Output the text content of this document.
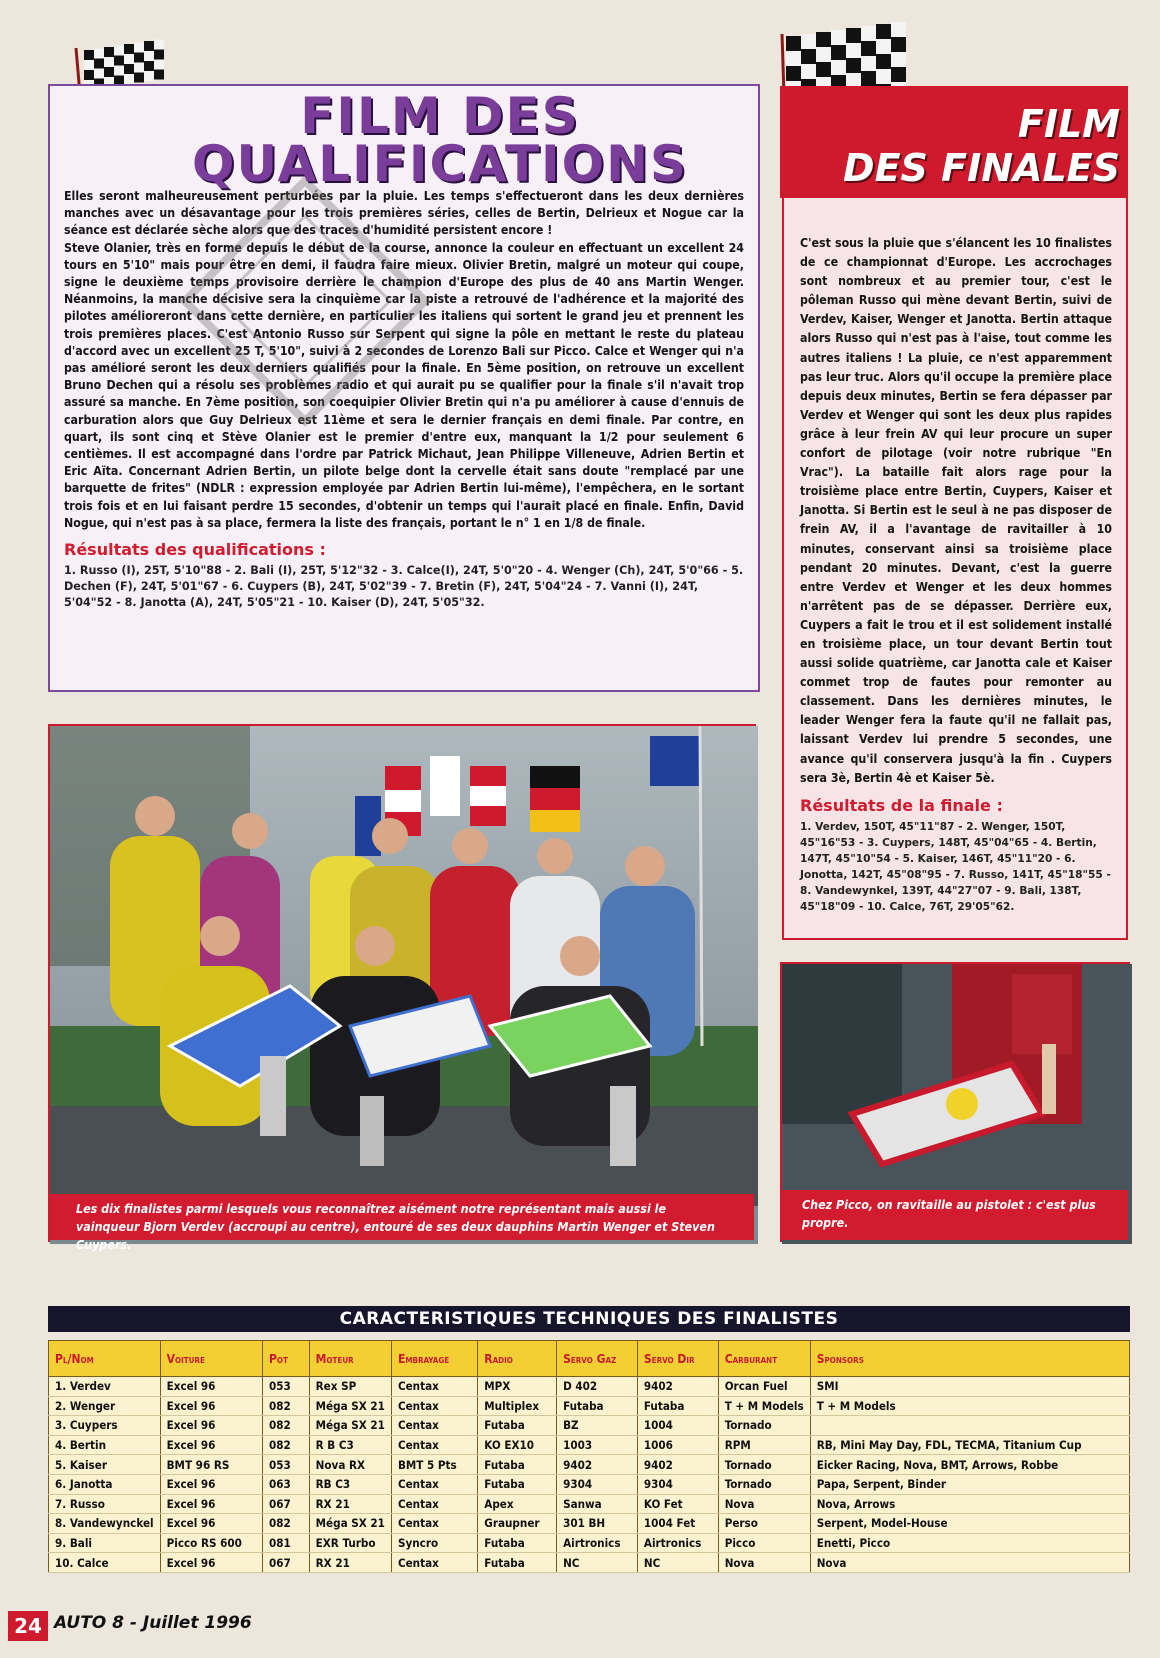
FILM DES
QUALIFICATIONS

Elles seront malheureusement perturbées par la pluie. Les temps s'effectueront dans les deux dernières manches avec un désavantage pour les trois premières séries, celles de Bertin, Delrieux et Nogue car la séance est déclarée sèche alors que des traces d'humidité persistent encore !

Steve Olanier, très en forme depuis le début de la course, annonce la couleur en effectuant un excellent 24 tours en 5'10" mais pour être en demi, il faudra faire mieux. Olivier Bretin, malgré un moteur qui coupe, signe le deuxième temps provisoire derrière le champion d'Europe des plus de 40 ans Martin Wenger. Néanmoins, la manche décisive sera la cinquième car la piste a retrouvé de l'adhérence et la majorité des pilotes amélioreront dans cette dernière, en particulier les italiens qui sortent le grand jeu et prennent les trois premières places. C'est Antonio Russo sur Serpent qui signe la pôle en mettant le reste du plateau d'accord avec un excellent 25 T, 5'10", suivi à 2 secondes de Lorenzo Bali sur Picco. Calce et Wenger qui n'a pas amélioré seront les deux derniers qualifiés pour la finale. En 5ème position, on retrouve un excellent Bruno Dechen qui a résolu ses problèmes radio et qui aurait pu se qualifier pour la finale s'il n'avait trop assuré sa manche. En 7ème position, son coequipier Olivier Bretin qui n'a pu améliorer à cause d'ennuis de carburation alors que Guy Delrieux est 11ème et sera le dernier français en demi finale. Par contre, en quart, ils sont cinq et Stève Olanier est le premier d'entre eux, manquant la 1/2 pour seulement 6 centièmes. Il est accompagné dans l'ordre par Patrick Michaut, Jean Philippe Villeneuve, Adrien Bertin et Eric Aïta. Concernant Adrien Bertin, un pilote belge dont la cervelle était sans doute "remplacé par une barquette de frites" (NDLR : expression employée par Adrien Bertin lui-même), l'empêchera, en le sortant trois fois et en lui faisant perdre 15 secondes, d'obtenir un temps qui l'aurait placé en finale. Enfin, David Nogue, qui n'est pas à sa place, fermera la liste des français, portant le n° 1 en 1/8 de finale.

Résultats des qualifications :
1. Russo (I), 25T, 5'10"88 - 2. Bali (I), 25T, 5'12"32 - 3. Calce(I), 24T, 5'0"20 - 4. Wenger (Ch), 24T, 5'0"66 - 5. Dechen (F), 24T, 5'01"67 - 6. Cuypers (B), 24T, 5'02"39 - 7. Bretin (F), 24T, 5'04"24 - 7. Vanni (I), 24T, 5'04"52 - 8. Janotta (A), 24T, 5'05"21 - 10. Kaiser (D), 24T, 5'05"32.
FILM
DES FINALES
C'est sous la pluie que s'élancent les 10 finalistes de ce championnat d'Europe. Les accrochages sont nombreux et au premier tour, c'est le pôleman Russo qui mène devant Bertin, suivi de Verdev, Kaiser, Wenger et Janotta. Bertin attaque alors Russo qui n'est pas à l'aise, tout comme les autres italiens ! La pluie, ce n'est apparemment pas leur truc. Alors qu'il occupe la première place depuis deux minutes, Bertin se fera dépasser par Verdev et Wenger qui sont les deux plus rapides grâce à leur frein AV qui leur procure un super confort de pilotage (voir notre rubrique "En Vrac"). La bataille fait alors rage pour la troisième place entre Bertin, Cuypers, Kaiser et Janotta. Si Bertin est le seul à ne pas disposer de frein AV, il a l'avantage de ravitailler à 10 minutes, conservant ainsi sa troisième place pendant 20 minutes. Devant, c'est la guerre entre Verdev et Wenger et les deux hommes n'arrêtent pas de se dépasser. Derrière eux, Cuypers a fait le trou et il est solidement installé en troisième place, un tour devant Bertin tout aussi solide quatrième, car Janotta cale et Kaiser commet trop de fautes pour remonter au classement. Dans les dernières minutes, le leader Wenger fera la faute qu'il ne fallait pas, laissant Verdev lui prendre 5 secondes, une avance qu'il conservera jusqu'à la fin . Cuypers sera 3è, Bertin 4è et Kaiser 5è.
Résultats de la finale :
1. Verdev, 150T, 45"11"87 - 2. Wenger, 150T, 45"16"53 - 3. Cuypers, 148T, 45"04"65 - 4. Bertin, 147T, 45"10"54 - 5. Kaiser, 146T, 45"11"20 - 6. Jonotta, 142T, 45"08"95 - 7. Russo, 141T, 45"18"55 - 8. Vandewynkel, 139T, 44"27"07 - 9. Bali, 138T, 45"18"09 - 10. Calce, 76T, 29'05"62.
Les dix finalistes parmi lesquels vous reconnaîtrez aisément notre représentant mais aussi le vainqueur Bjorn Verdev (accroupi au centre), entouré de ses deux dauphins Martin Wenger et Steven Cuypers.
Chez Picco, on ravitaille au pistolet : c'est plus propre.
CARACTERISTIQUES TECHNIQUES DES FINALISTES
Pl/Nom	Voiture	Pot	Moteur	Embrayage	Radio	Servo Gaz	Servo Dir	Carburant	Sponsors
1. Verdev	Excel 96	053	Rex SP	Centax	MPX	D 402	9402	Orcan Fuel	SMI
2. Wenger	Excel 96	082	Méga SX 21	Centax	Multiplex	Futaba	Futaba	T + M Models	T + M Models
3. Cuypers	Excel 96	082	Méga SX 21	Centax	Futaba	BZ	1004	Tornado	
4. Bertin	Excel 96	082	R B C3	Centax	KO EX10	1003	1006	RPM	RB, Mini May Day, FDL, TECMA, Titanium Cup
5. Kaiser	BMT 96 RS	053	Nova RX	BMT 5 Pts	Futaba	9402	9402	Tornado	Eicker Racing, Nova, BMT, Arrows, Robbe
6. Janotta	Excel 96	063	RB C3	Centax	Futaba	9304	9304	Tornado	Papa, Serpent, Binder
7. Russo	Excel 96	067	RX 21	Centax	Apex	Sanwa	KO Fet	Nova	Nova, Arrows
8. Vandewynckel	Excel 96	082	Méga SX 21	Centax	Graupner	301 BH	1004 Fet	Perso	Serpent, Model-House
9. Bali	Picco RS 600	081	EXR Turbo	Syncro	Futaba	Airtronics	Airtronics	Picco	Enetti, Picco
10. Calce	Excel 96	067	RX 21	Centax	Futaba	NC	NC	Nova	Nova
24 AUTO 8 - Juillet 1996
